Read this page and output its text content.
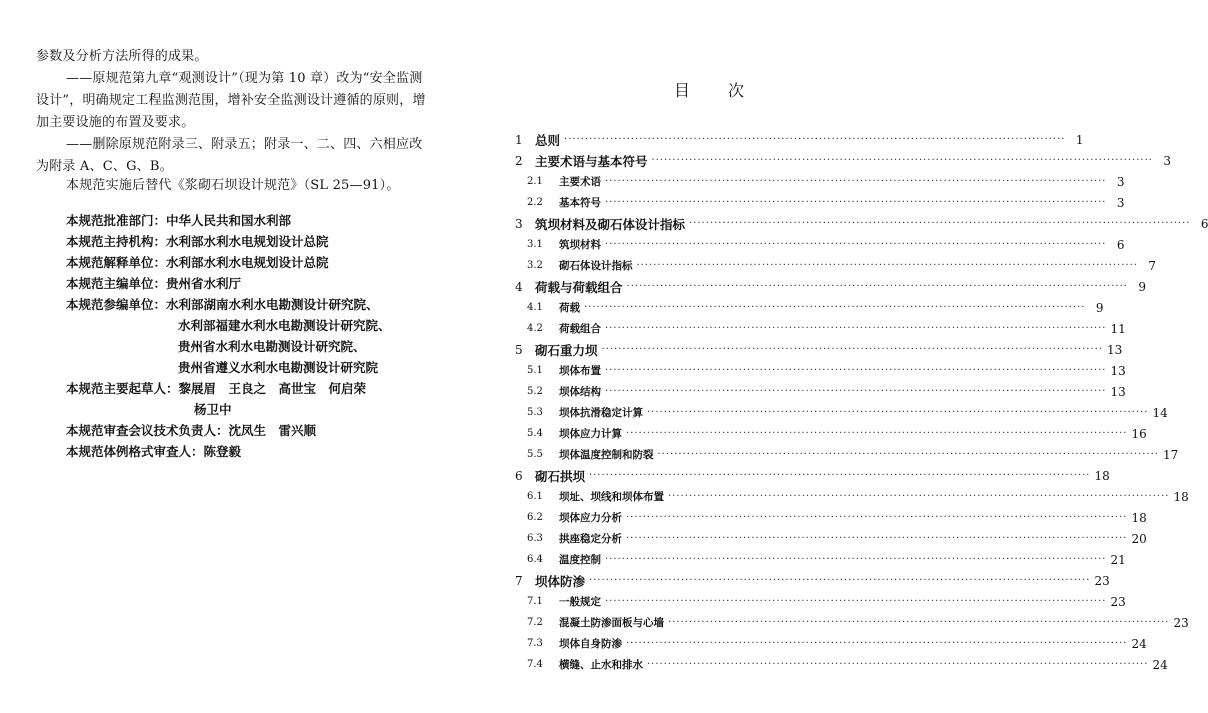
参数及分析方法所得的成果。
——原规范第九章“观测设计”（现为第 10 章）改为“安全监测设计”，明确规定工程监测范围，增补安全监测设计遵循的原则，增加主要设施的布置及要求。
——删除原规范附录三、附录五；附录一、二、四、六相应改为附录 A、C、G、B。
本规范实施后替代《浆砌石坝设计规范》（SL 25—91）。
本规范批准部门：中华人民共和国水利部
本规范主持机构：水利部水利水电规划设计总院
本规范解释单位：水利部水利水电规划设计总院
本规范主编单位：贵州省水利厅
本规范参编单位：水利部湖南水利水电勘测设计研究院、
水利部福建水利水电勘测设计研究院、
贵州省水利水电勘测设计研究院、
贵州省遵义水利水电勘测设计研究院
本规范主要起草人：黎展眉　王良之　高世宝　何启荣
杨卫中
本规范审查会议技术负责人：沈凤生　雷兴顺
本规范体例格式审查人：陈登毅
目次
1 总则 ························································································································ 1
2 主要术语与基本符号 ························································································································ 3
2.1	主要术语 ························································································································ 3
2.2	基本符号 ························································································································ 3
3 筑坝材料及砌石体设计指标 ························································································································ 6
3.1	筑坝材料 ························································································································ 6
3.2	砌石体设计指标 ························································································································ 7
4 荷载与荷载组合 ························································································································ 9
4.1	荷载 ························································································································ 9
4.2	荷载组合 ························································································································ 11
5 砌石重力坝 ························································································································ 13
5.1	坝体布置 ························································································································ 13
5.2	坝体结构 ························································································································ 13
5.3	坝体抗滑稳定计算 ························································································································ 14
5.4	坝体应力计算 ························································································································ 16
5.5	坝体温度控制和防裂 ························································································································ 17
6 砌石拱坝 ························································································································ 18
6.1	坝址、坝线和坝体布置 ························································································································ 18
6.2	坝体应力分析 ························································································································ 18
6.3	拱座稳定分析 ························································································································ 20
6.4	温度控制 ························································································································ 21
7 坝体防渗 ························································································································ 23
7.1	一般规定 ························································································································ 23
7.2	混凝土防渗面板与心墙 ························································································································ 23
7.3	坝体自身防渗 ························································································································ 24
7.4	横缝、止水和排水 ························································································································ 24
